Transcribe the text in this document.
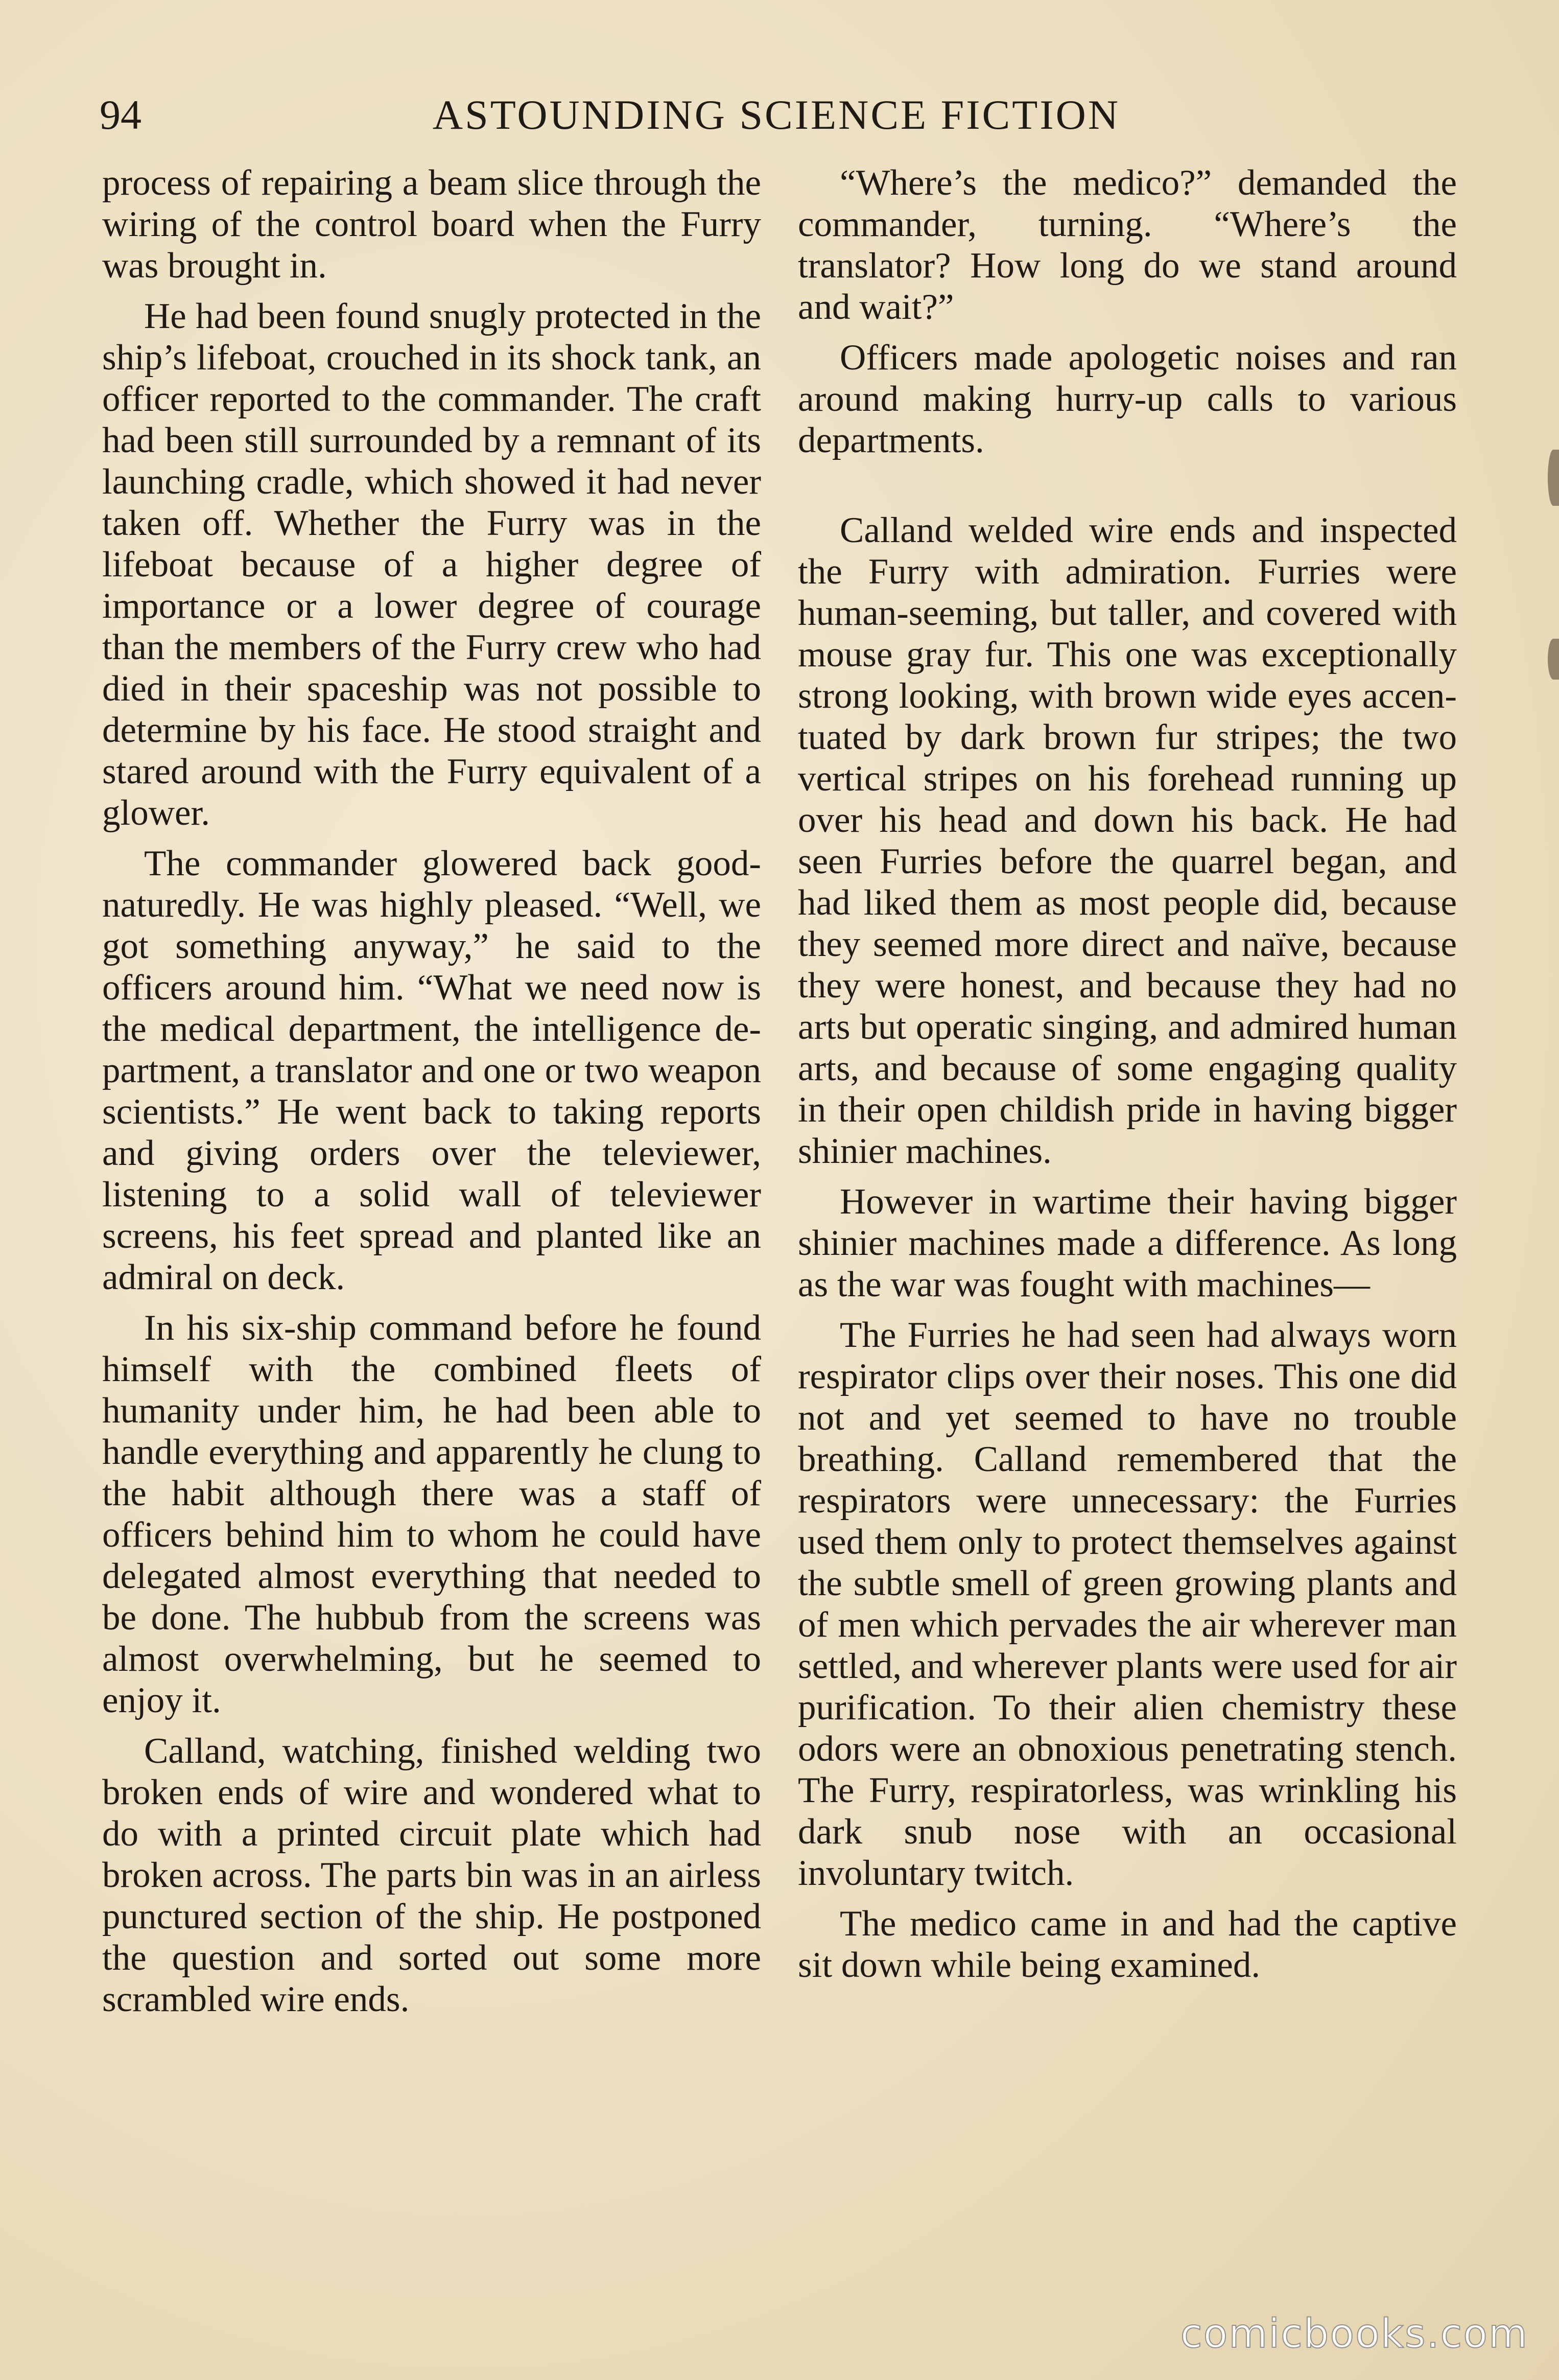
94	ASTOUNDING SCIENCE FICTION

process of repairing a beam slice through the wiring of the control board when the Furry was brought in.

He had been found snugly protected in the ship’s lifeboat, crouched in its shock tank, an officer reported to the commander. The craft had been still surrounded by a remnant of its launching cradle, which showed it had never taken off. Whether the Furry was in the lifeboat because of a higher degree of importance or a lower degree of courage than the members of the Furry crew who had died in their spaceship was not possible to determine by his face. He stood straight and stared around with the Furry equivalent of a glower.

The commander glowered back good-naturedly. He was highly pleased. “Well, we got something anyway,” he said to the officers around him. “What we need now is the medical department, the intelligence department, a translator and one or two weapon scientists.” He went back to taking reports and giving orders over the televiewer, listening to a solid wall of televiewer screens, his feet spread and planted like an admiral on deck.

In his six-ship command before he found himself with the combined fleets of humanity under him, he had been able to handle everything and apparently he clung to the habit although there was a staff of officers behind him to whom he could have delegated almost everything that needed to be done. The hubbub from the screens was almost overwhelming, but he seemed to enjoy it.

Calland, watching, finished welding two broken ends of wire and wondered what to do with a printed circuit plate which had broken across. The parts bin was in an airless punctured section of the ship. He postponed the question and sorted out some more scrambled wire ends.

“Where’s the medico?” demanded the commander, turning. “Where’s the translator? How long do we stand around and wait?”

Officers made apologetic noises and ran around making hurry-up calls to various departments.

Calland welded wire ends and inspected the Furry with admiration. Furries were human-seeming, but taller, and covered with mouse gray fur. This one was exceptionally strong looking, with brown wide eyes accentuated by dark brown fur stripes; the two vertical stripes on his forehead running up over his head and down his back. He had seen Furries before the quarrel began, and had liked them as most people did, because they seemed more direct and naïve, because they were honest, and because they had no arts but operatic singing, and admired human arts, and because of some engaging quality in their open childish pride in having bigger shinier machines.

However in wartime their having bigger shinier machines made a difference. As long as the war was fought with machines—

The Furries he had seen had always worn respirator clips over their noses. This one did not and yet seemed to have no trouble breathing. Calland remembered that the respirators were unnecessary: the Furries used them only to protect themselves against the subtle smell of green growing plants and of men which pervades the air wherever man settled, and wherever plants were used for air purification. To their alien chemistry these odors were an obnoxious penetrating stench. The Furry, respiratorless, was wrinkling his dark snub nose with an occasional involuntary twitch.

The medico came in and had the captive sit down while being examined.

comicbooks.com
